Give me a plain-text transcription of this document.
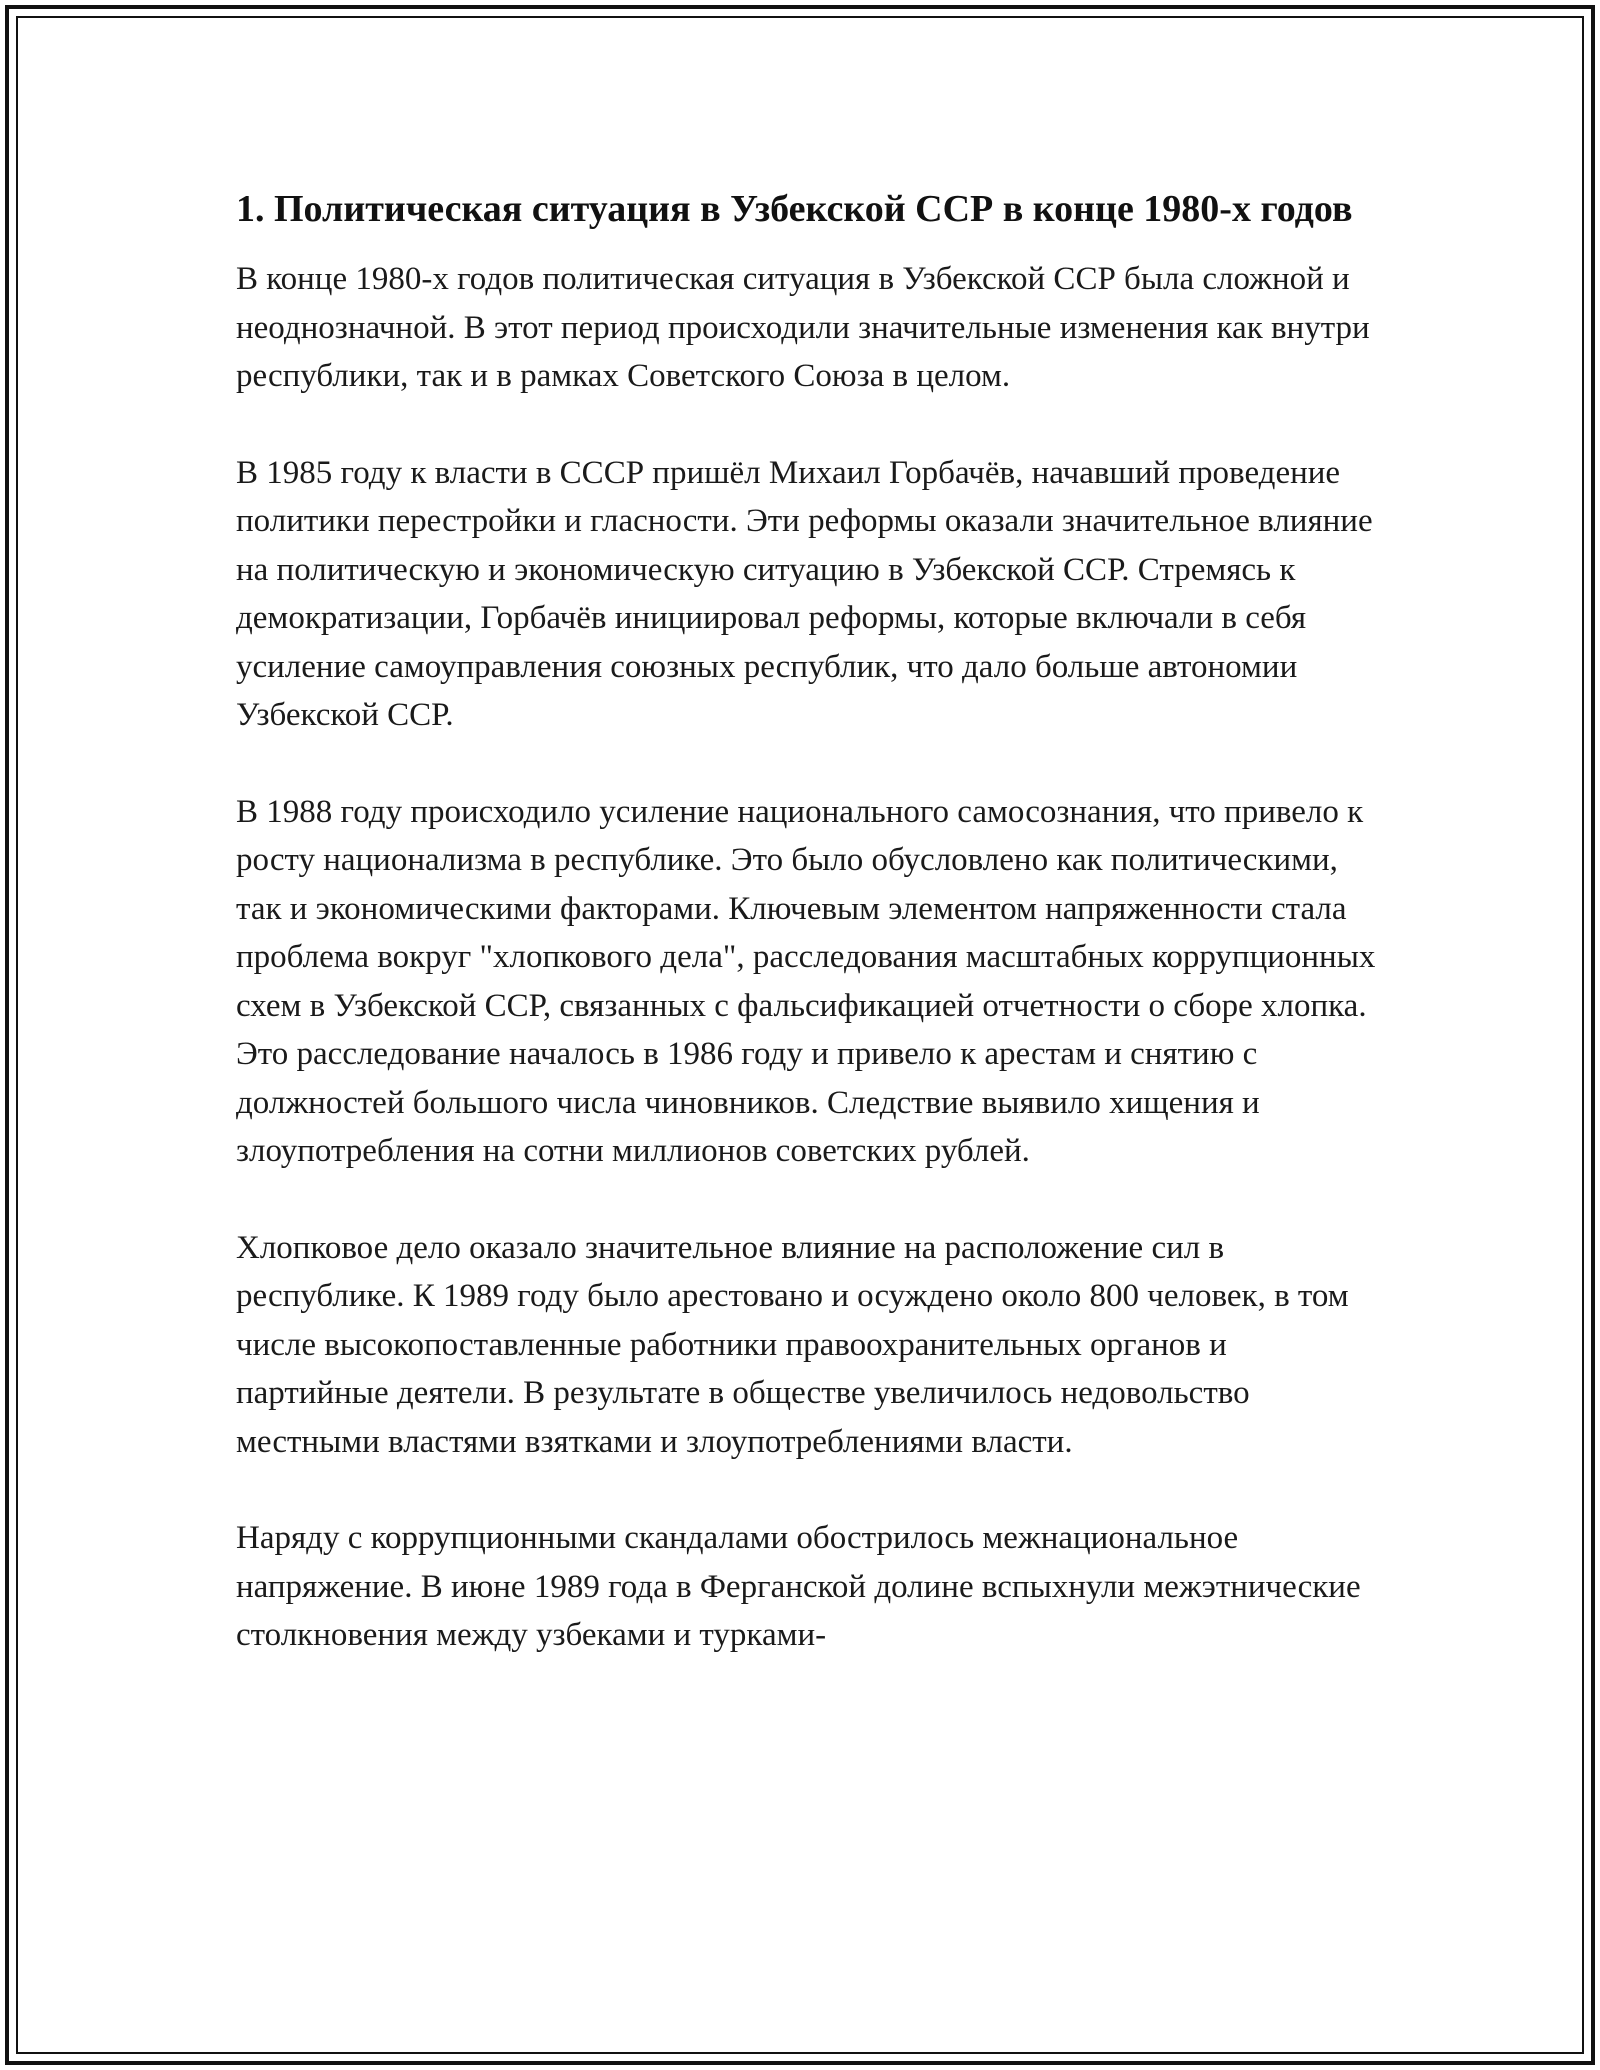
1. Политическая ситуация в Узбекской ССР в конце 1980-х годов

В конце 1980-х годов политическая ситуация в Узбекской ССР была сложной и неоднозначной. В этот период происходили значительные изменения как внутри республики, так и в рамках Советского Союза в целом.

В 1985 году к власти в СССР пришёл Михаил Горбачёв, начавший проведение политики перестройки и гласности. Эти реформы оказали значительное влияние на политическую и экономическую ситуацию в Узбекской ССР. Стремясь к демократизации, Горбачёв инициировал реформы, которые включали в себя усиление самоуправления союзных республик, что дало больше автономии Узбекской ССР.

В 1988 году происходило усиление национального самосознания, что привело к росту национализма в республике. Это было обусловлено как политическими, так и экономическими факторами. Ключевым элементом напряженности стала проблема вокруг "хлопкового дела", расследования масштабных коррупционных схем в Узбекской ССР, связанных с фальсификацией отчетности о сборе хлопка. Это расследование началось в 1986 году и привело к арестам и снятию с должностей большого числа чиновников. Следствие выявило хищения и злоупотребления на сотни миллионов советских рублей.

Хлопковое дело оказало значительное влияние на расположение сил в республике. К 1989 году было арестовано и осуждено около 800 человек, в том числе высокопоставленные работники правоохранительных органов и партийные деятели. В результате в обществе увеличилось недовольство местными властями взятками и злоупотреблениями власти.

Наряду с коррупционными скандалами обострилось межнациональное напряжение. В июне 1989 года в Ферганской долине вспыхнули межэтнические столкновения между узбеками и турками-
